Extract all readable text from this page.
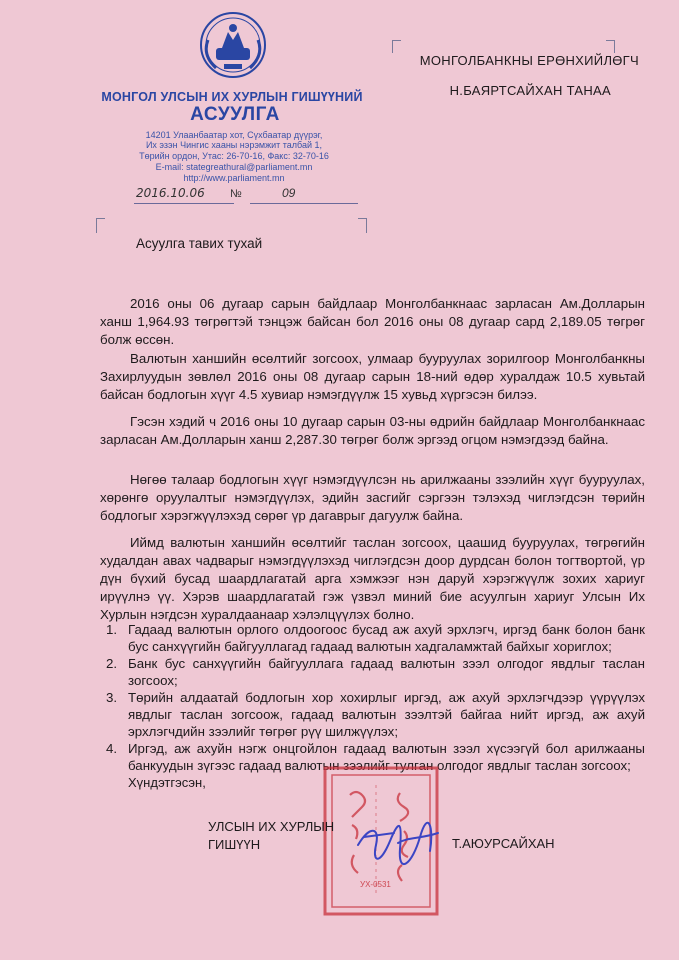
МОНГОЛ УЛСЫН ИХ ХУРЛЫН ГИШҮҮНИЙ
АСУУЛГА
14201 Улаанбаатар хот, Сүхбаатар дүүрэг,
Их эзэн Чингис хааны нэрэмжит талбай 1,
Төрийн ордон, Утас: 26-70-16, Факс: 32-70-16
E-mail: stategreathural@parliament.mn
http://www.parliament.mn
2016.10.06 №	09
МОНГОЛБАНКНЫ ЕРӨНХИЙЛӨГЧ
Н.БАЯРТСАЙХАН ТАНАА
Асуулга тавих тухай
2016 оны 06 дугаар сарын байдлаар Монголбанкнаас зарласан Ам.Долларын ханш 1,964.93 төгрөгтэй тэнцэж байсан бол 2016 оны 08 дугаар сард 2,189.05 төгрөг болж өссөн.
Валютын ханшийн өсөлтийг зогсоох, улмаар бууруулах зорилгоор Монголбанкны Захирлуудын зөвлөл 2016 оны 08 дугаар сарын 18-ний өдөр хуралдаж 10.5 хувьтай байсан бодлогын хүүг 4.5 хувиар нэмэгдүүлж 15 хувьд хүргэсэн билээ.
Гэсэн хэдий ч 2016 оны 10 дугаар сарын 03-ны өдрийн байдлаар Монголбанкнаас зарласан Ам.Долларын ханш 2,287.30 төгрөг болж эргээд огцом нэмэгдээд байна.
Нөгөө талаар бодлогын хүүг нэмэгдүүлсэн нь арилжааны зээлийн хүүг бууруулах, хөрөнгө оруулалтыг нэмэгдүүлэх, эдийн засгийг сэргээн тэлэхэд чиглэгдсэн төрийн бодлогыг хэрэгжүүлэхэд сөрөг үр дагаврыг дагуулж байна.
Иймд валютын ханшийн өсөлтийг таслан зогсоох, цаашид бууруулах, төгрөгийн худалдан авах чадварыг нэмэгдүүлэхэд чиглэгдсэн доор дурдсан болон тогтвортой, үр дүн бүхий бусад шаардлагатай арга хэмжээг нэн даруй хэрэгжүүлж зохих хариуг ирүүлнэ үү. Хэрэв шаардлагатай гэж үзвэл миний бие асуулгын хариуг Улсын Их Хурлын нэгдсэн хуралдаанаар хэлэлцүүлэх болно.
1. Гадаад валютын орлого олдоогоос бусад аж ахуй эрхлэгч, иргэд банк болон банк бус санхүүгийн байгууллагад гадаад валютын хадгаламжтай байхыг хориглох;
2. Банк бус санхүүгийн байгууллага гадаад валютын зээл олгодог явдлыг таслан зогсоох;
3. Төрийн алдаатай бодлогын хор хохирлыг иргэд, аж ахуй эрхлэгчдээр үүрүүлэх явдлыг таслан зогсоож, гадаад валютын зээлтэй байгаа нийт иргэд, аж ахуй эрхлэгчдийн зээлийг төгрөг рүү шилжүүлэх;
4. Иргэд, аж ахуйн нэгж онцгойлон гадаад валютын зээл хүсээгүй бол арилжааны банкуудын зүгээс гадаад валютын зээлийг тулган олгодог явдлыг таслан зогсоох;
Хүндэтгэсэн,
УХ-0531
УЛСЫН ИХ ХУРЛЫН
ГИШҮҮН	Т.АЮУРСАЙХАН
